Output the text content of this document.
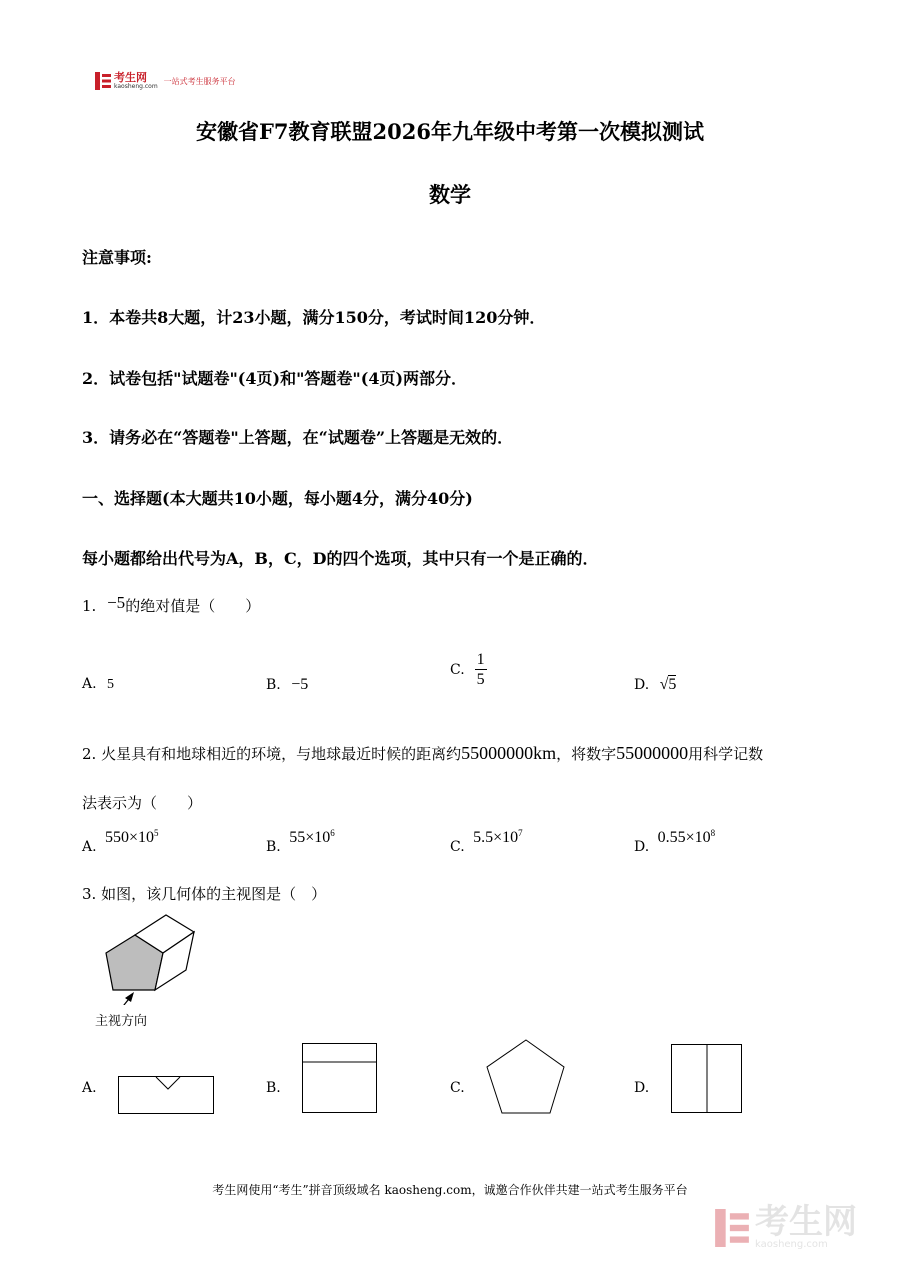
考生网
kaosheng.com
一站式考生服务平台
安徽省F7教育联盟2026年九年级中考第一次模拟测试
数学
注意事项:
1．本卷共8大题，计23小题，满分150分，考试时间120分钟．
2．试卷包括"试题卷"(4页)和"答题卷"(4页)两部分．
3．请务必在“答题卷"上答题，在“试题卷”上答题是无效的．
一、选择题(本大题共10小题，每小题4分，满分40分)
每小题都给出代号为A，B，C，D的四个选项，其中只有一个是正确的．
1. −5的绝对值是（　　）
A. 5	B. −5
C. $\frac{1}{5}$	D. √5
2. 火星具有和地球相近的环境，与地球最近时候的距离约55000000km，将数字55000000用科学记数
法表示为（　　）
A. $550\times 10^5$
B. $55\times 10^6$
C. $5.5\times 10^7$
D. $0.55\times 10^8$
3. 如图，该几何体的主视图是（　）
主视方向
A.	B.	C.	D.
考生网使用“考生”拼音顶级域名 kaosheng.com，诚邀合作伙伴共建一站式考生服务平台
考生网
kaosheng.com
